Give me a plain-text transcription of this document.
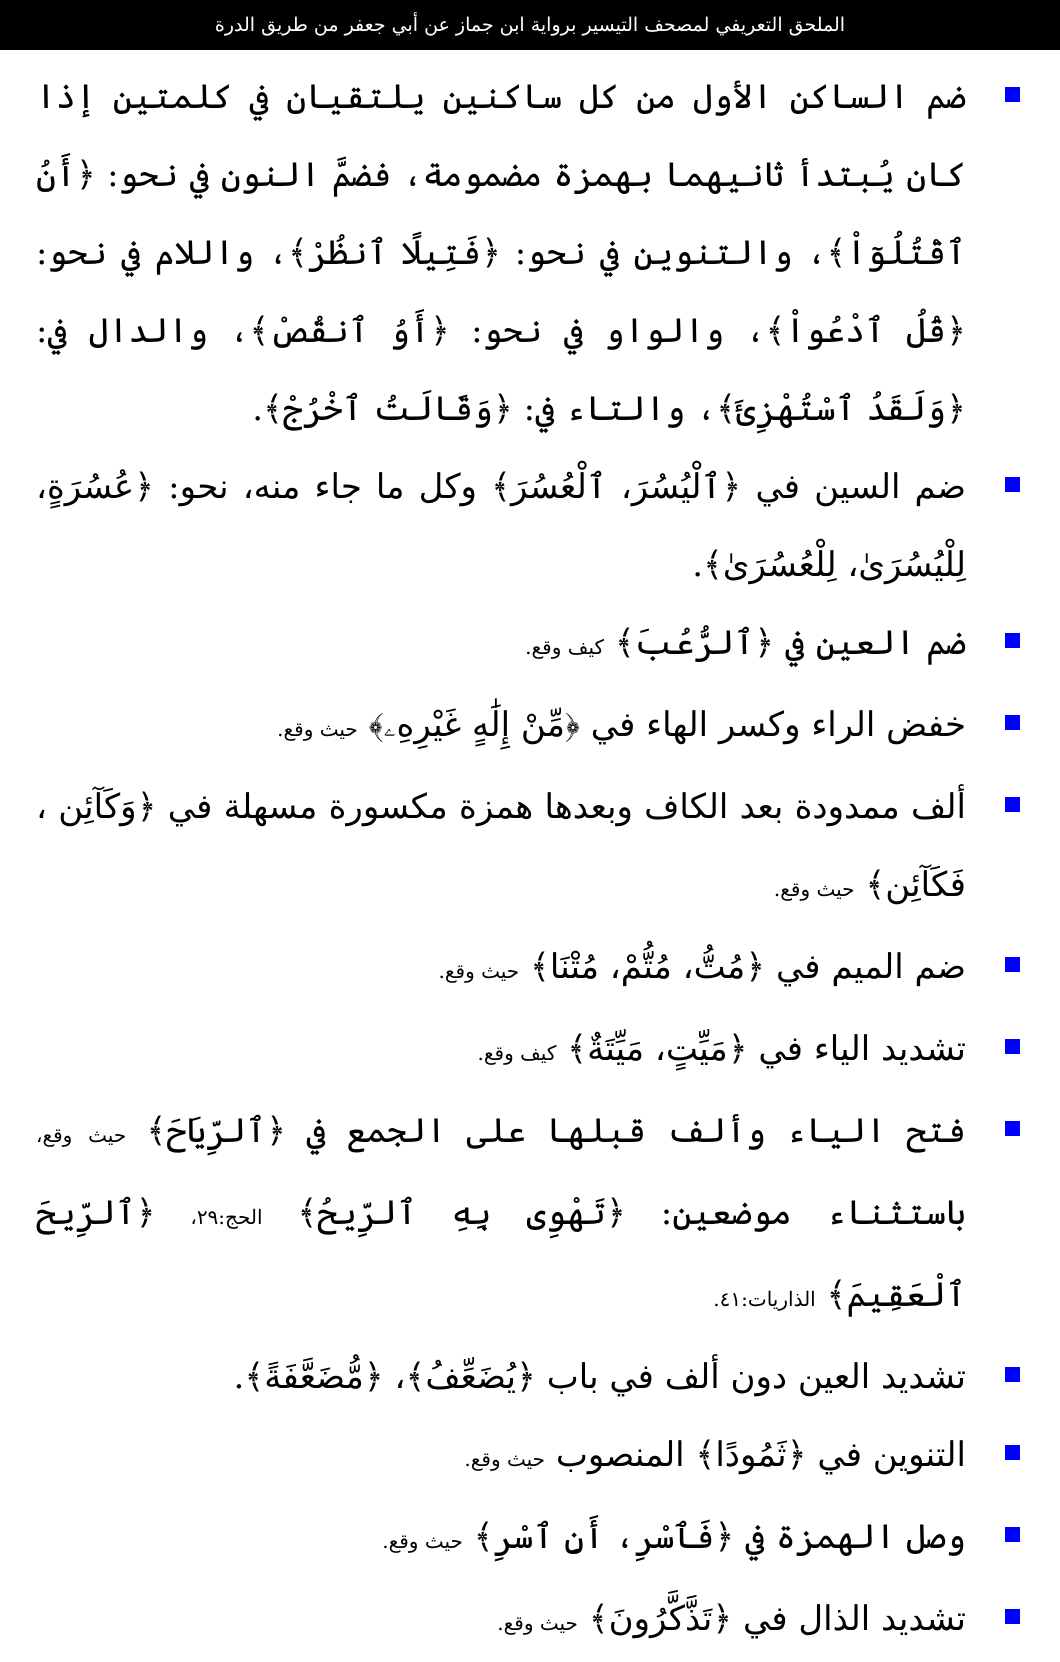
الملحق التعريفي لمصحف التيسير برواية ابن جماز عن أبي جعفر من طريق الدرة
ضم الساكن الأول من كل ساكنين يلتقيان في كلمتين إذا كان يُبتدأ ثانيهما بهمزة مضمومة، فضمَّ النون في نحو: ﴿أَنُ ٱقْتُلُوٓاْ﴾، والتنوين في نحو: ﴿فَتِيلًا ٱنظُرْ﴾، واللام في نحو: ﴿قُلُ ٱدْعُواْ﴾، والواو في نحو: ﴿أَوُ ٱنقُصْ﴾، والدال في: ﴿وَلَقَدُ ٱسْتُهْزِئَ﴾، والتاء في: ﴿وَقَالَتُ ٱخْرُجْ﴾.
ضم السين في ﴿ٱلْيُسُرَ، ٱلْعُسُرَ﴾ وكل ما جاء منه، نحو: ﴿عُسُرَةٍ، لِلْيُسُرَىٰ، لِلْعُسُرَىٰ﴾.
ضم العين في ﴿ٱلرُّعُبَ﴾ كيف وقع.
خفض الراء وكسر الهاء في ﴿مِّنْ إِلَٰهٍ غَيْرِهِۦ﴾ حيث وقع.
ألف ممدودة بعد الكاف وبعدها همزة مكسورة مسهلة في ﴿وَكَآئِن ، فَكَآئِن﴾ حيث وقع.
ضم الميم في ﴿مُتُّ، مُتُّمْ، مُتْنَا﴾ حيث وقع.
تشديد الياء في ﴿مَيِّتٍ، مَيِّتَةٌ﴾ كيف وقع.
فتح الياء وألف قبلها على الجمع في ﴿ٱلرِّيَاحَ﴾ حيث وقع، باستثناء موضعين: ﴿تَهْوِى بِهِ ٱلرِّيحُ﴾ الحج:٢٩، ﴿ٱلرِّيحَ ٱلْعَقِيمَ﴾ الذاريات:٤١.
تشديد العين دون ألف في باب ﴿يُضَعِّفُ﴾، ﴿مُّضَعَّفَةً﴾.
التنوين في ﴿ثَمُودًا﴾ المنصوب حيث وقع.
وصل الهمزة في ﴿فَٱسْرِ، أَنِ ٱسْرِ﴾ حيث وقع.
تشديد الذال في ﴿تَذَّكَّرُونَ﴾ حيث وقع.
